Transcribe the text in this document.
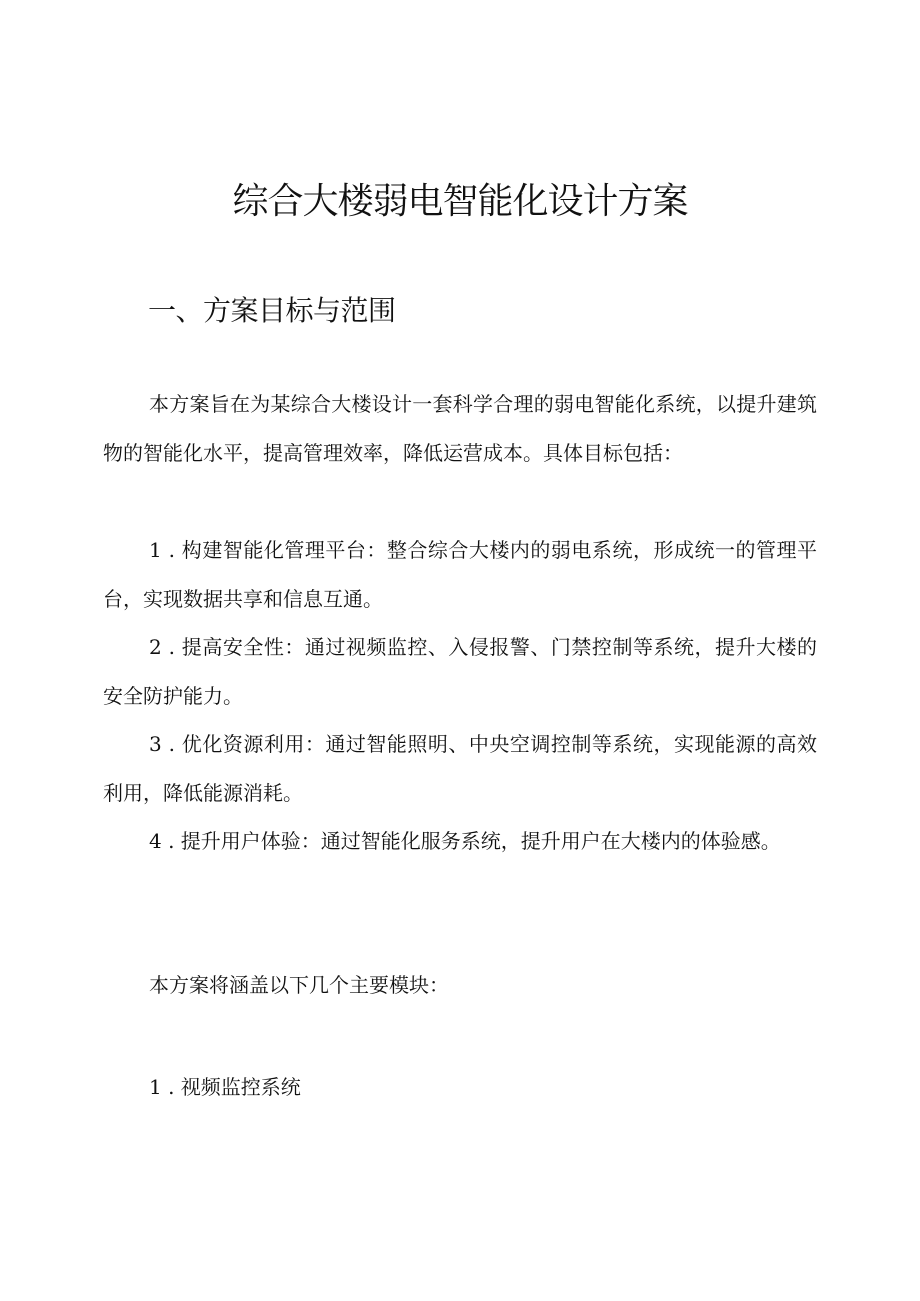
综合大楼弱电智能化设计方案
一、方案目标与范围

本方案旨在为某综合大楼设计一套科学合理的弱电智能化系统，以提升建筑物的智能化水平，提高管理效率，降低运营成本。具体目标包括：

1 . 构建智能化管理平台：整合综合大楼内的弱电系统，形成统一的管理平台，实现数据共享和信息互通。

2 . 提高安全性：通过视频监控、入侵报警、门禁控制等系统，提升大楼的安全防护能力。

3 . 优化资源利用：通过智能照明、中央空调控制等系统，实现能源的高效利用，降低能源消耗。

4 . 提升用户体验：通过智能化服务系统，提升用户在大楼内的体验感。

本方案将涵盖以下几个主要模块：

1 . 视频监控系统
